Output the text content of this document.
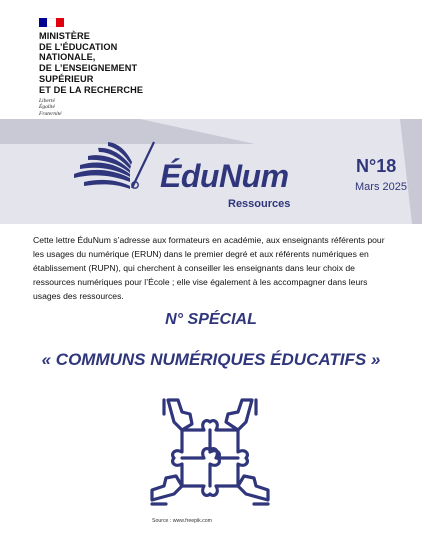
MINISTÈRE
DE L’ÉDUCATION
NATIONALE,
DE L’ENSEIGNEMENT
SUPÉRIEUR
ET DE LA RECHERCHE
Liberté
Égalité
Fraternité
ÉduNum
Ressources
N°18
Mars 2025
Cette lettre ÉduNum s’adresse aux formateurs en académie, aux enseignants référents pour les usages du numérique (ERUN) dans le premier degré et aux référents numériques en établissement (RUPN), qui cherchent à conseiller les enseignants dans leur choix de ressources numériques pour l’École ; elle vise également à les accompagner dans leurs usages des ressources.
N° SPÉCIAL
« COMMUNS NUMÉRIQUES ÉDUCATIFS »
Source : www.freepik.com
